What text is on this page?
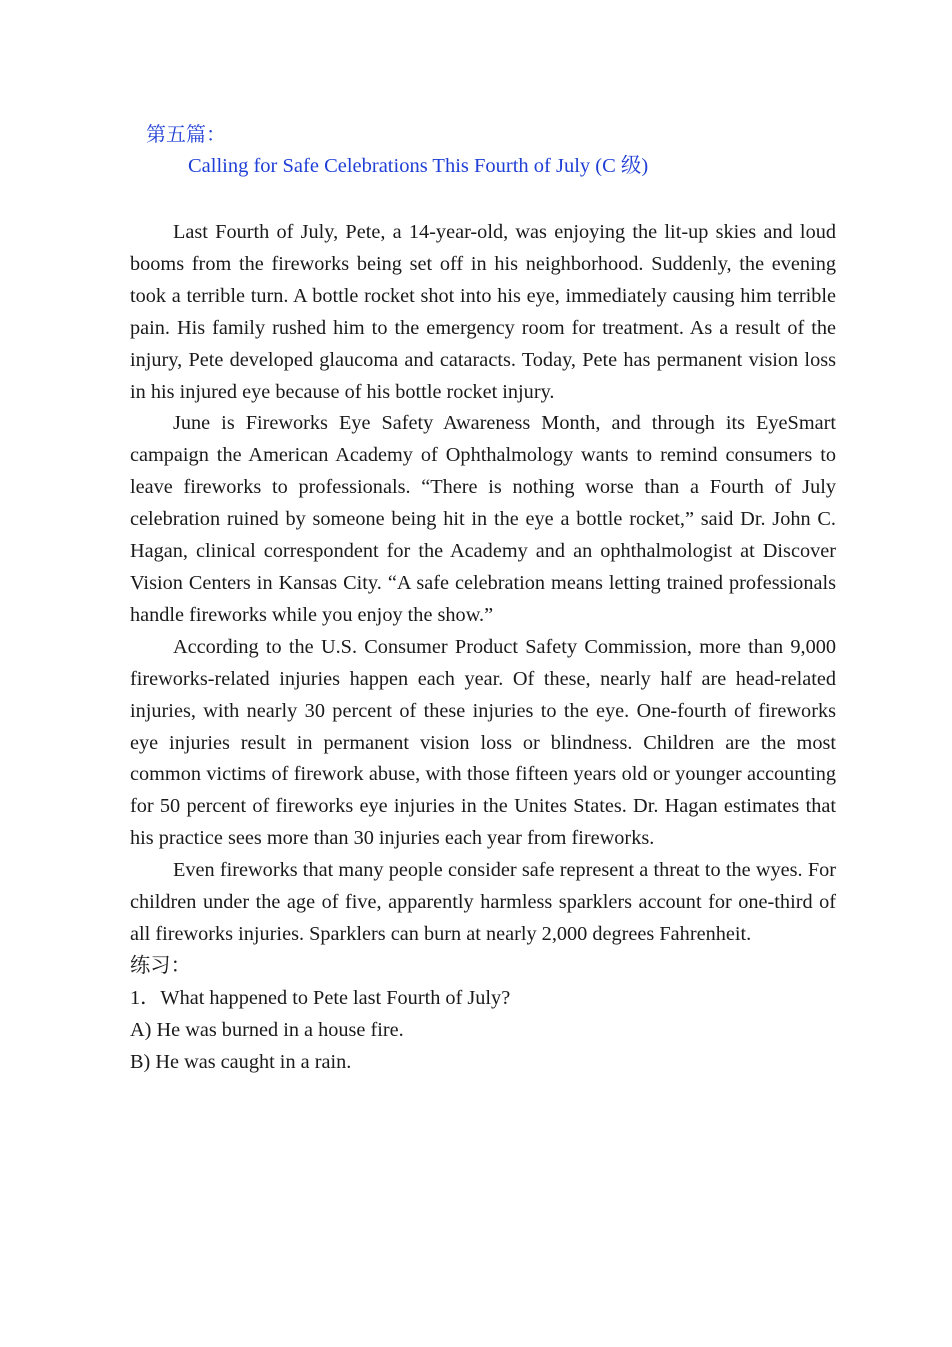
第五篇：
Calling for Safe Celebrations This Fourth of July (C 级)

Last Fourth of July, Pete, a 14-year-old, was enjoying the lit-up skies and loud booms from the fireworks being set off in his neighborhood. Suddenly, the evening took a terrible turn. A bottle rocket shot into his eye, immediately causing him terrible pain. His family rushed him to the emergency room for treatment. As a result of the injury, Pete developed glaucoma and cataracts. Today, Pete has permanent vision loss in his injured eye because of his bottle rocket injury.

June is Fireworks Eye Safety Awareness Month, and through its EyeSmart campaign the American Academy of Ophthalmology wants to remind consumers to leave fireworks to professionals. “There is nothing worse than a Fourth of July celebration ruined by someone being hit in the eye a bottle rocket,” said Dr. John C. Hagan, clinical correspondent for the Academy and an ophthalmologist at Discover Vision Centers in Kansas City. “A safe celebration means letting trained professionals handle fireworks while you enjoy the show.”

According to the U.S. Consumer Product Safety Commission, more than 9,000 fireworks-related injuries happen each year. Of these, nearly half are head-related injuries, with nearly 30 percent of these injuries to the eye. One-fourth of fireworks eye injuries result in permanent vision loss or blindness. Children are the most common victims of firework abuse, with those fifteen years old or younger accounting for 50 percent of fireworks eye injuries in the Unites States. Dr. Hagan estimates that his practice sees more than 30 injuries each year from fireworks.

Even fireworks that many people consider safe represent a threat to the wyes. For children under the age of five, apparently harmless sparklers account for one-third of all fireworks injuries. Sparklers can burn at nearly 2,000 degrees Fahrenheit.

练习：

1．What happened to Pete last Fourth of July?

A) He was burned in a house fire.

B) He was caught in a rain.
